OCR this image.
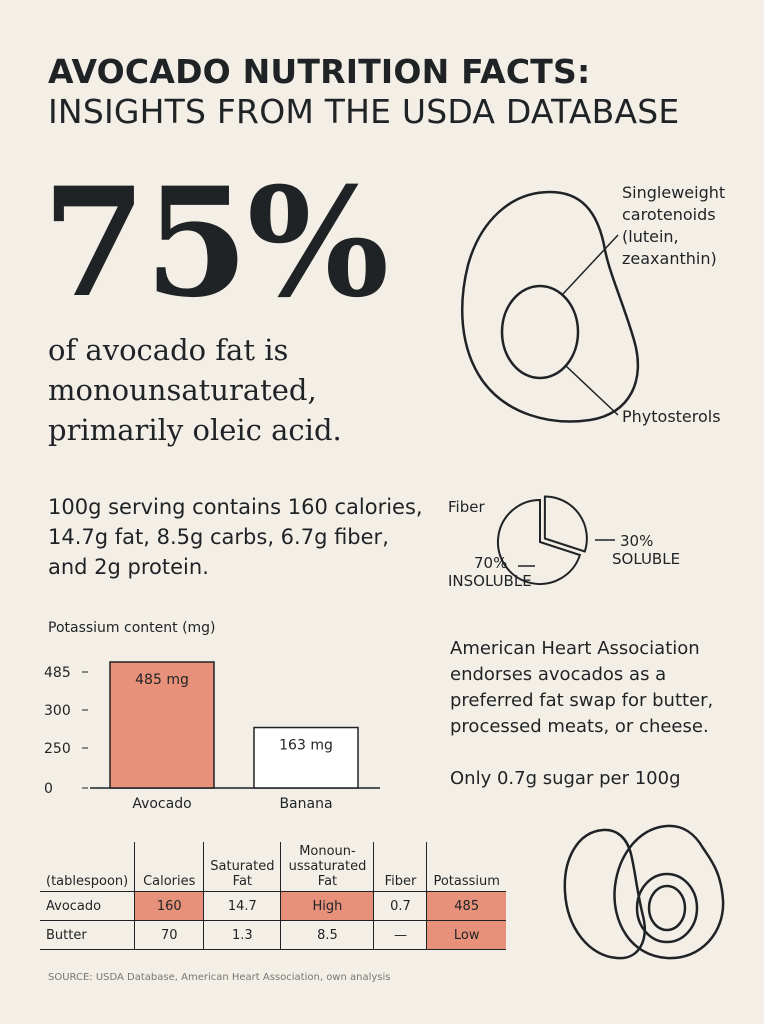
AVOCADO NUTRITION FACTS:
INSIGHTS FROM THE USDA DATABASE
75%
of avocado fat is monounsaturated, primarily oleic acid.
Singleweight carotenoids (lutein, zeaxanthin)
Phytosterols
100g serving contains 160 calories, 14.7g fat, 8.5g carbs, 6.7g fiber, and 2g protein.
Fiber
30%
SOLUBLE
70%
INSOLUBLE
Potassium content (mg)
485
300
250
0
485 mg
Avocado
163 mg
Banana
American Heart Association endorses avocados as a preferred fat swap for butter, processed meats, or cheese.
Only 0.7g sugar per 100g
(tablespoon)	Calories	Saturated Fat	Monoun-ussaturated Fat	Fiber	Potassium
Avocado	160	14.7	High	0.7	485
Butter	70	1.3	8.5	—	Low
SOURCE: USDA Database, American Heart Association, own analysis
